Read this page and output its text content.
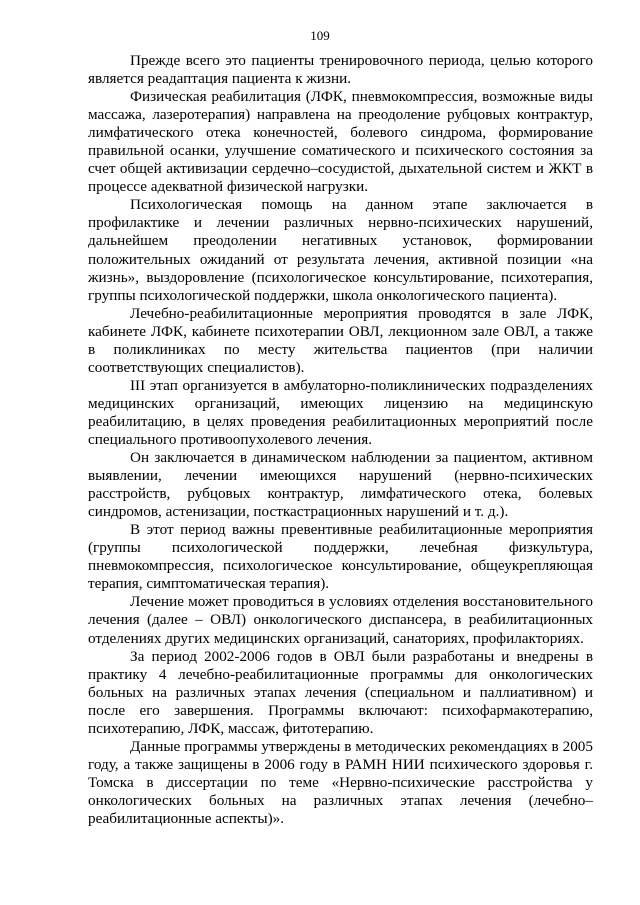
109

Прежде всего это пациенты тренировочного периода, целью которого является реадаптация пациента к жизни.

Физическая реабилитация (ЛФК, пневмокомпрессия, возможные виды массажа, лазеротерапия) направлена на преодоление рубцовых контрактур, лимфатического отека конечностей, болевого синдрома, формирование правильной осанки, улучшение соматического и психического состояния за счет общей активизации сердечно–сосудистой, дыхательной систем и ЖКТ в процессе адекватной физической нагрузки.

Психологическая помощь на данном этапе заключается в профилактике и лечении различных нервно-психических нарушений, дальнейшем преодолении негативных установок, формировании положительных ожиданий от результата лечения, активной позиции «на жизнь», выздоровление (психологическое консультирование, психотерапия, группы психологической поддержки, школа онкологического пациента).

Лечебно-реабилитационные мероприятия проводятся в зале ЛФК, кабинете ЛФК, кабинете психотерапии ОВЛ, лекционном зале ОВЛ, а также в поликлиниках по месту жительства пациентов (при наличии соответствующих специалистов).

III этап организуется в амбулаторно-поликлинических подразделениях медицинских организаций, имеющих лицензию на медицинскую реабилитацию, в целях проведения реабилитационных мероприятий после специального противоопухолевого лечения.

Он заключается в динамическом наблюдении за пациентом, активном выявлении, лечении имеющихся нарушений (нервно-психических расстройств, рубцовых контрактур, лимфатического отека, болевых синдромов, астенизации, посткастрационных нарушений и т. д.).

В этот период важны превентивные реабилитационные мероприятия (группы психологической поддержки, лечебная физкультура, пневмокомпрессия, психологическое консультирование, общеукрепляющая терапия, симптоматическая терапия).

Лечение может проводиться в условиях отделения восстановительного лечения (далее – ОВЛ) онкологического диспансера, в реабилитационных отделениях других медицинских организаций, санаториях, профилакториях.

За период 2002-2006 годов в ОВЛ были разработаны и внедрены в практику 4 лечебно-реабилитационные программы для онкологических больных на различных этапах лечения (специальном и паллиативном) и после его завершения. Программы включают: психофармакотерапию, психотерапию, ЛФК, массаж, фитотерапию.

Данные программы утверждены в методических рекомендациях в 2005 году, а также защищены в 2006 году в РАМН НИИ психического здоровья г. Томска в диссертации по теме «Нервно-психические расстройства у онкологических больных на различных этапах лечения (лечебно–реабилитационные аспекты)».
